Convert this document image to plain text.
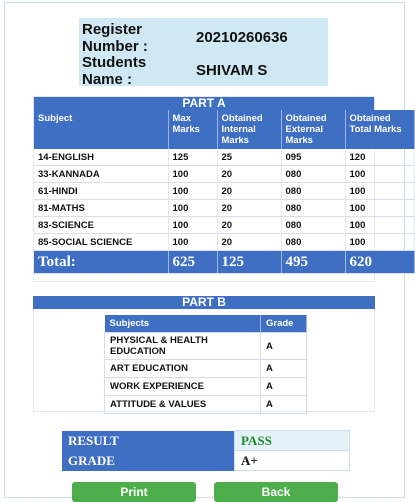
Register Number :
20210260636
Students Name :
SHIVAM S
PART A
Subject	Max Marks	Obtained Internal Marks	Obtained External Marks	Obtained Total Marks
14-ENGLISH	125	25	095	120
33-KANNADA	100	20	080	100
61-HINDI	100	20	080	100
81-MATHS	100	20	080	100
83-SCIENCE	100	20	080	100
85-SOCIAL SCIENCE	100	20	080	100
Total:	625	125	495	620
PART B
Subjects	Grade
PHYSICAL & HEALTH EDUCATION	A
ART EDUCATION	A
WORK EXPERIENCE	A
ATTITUDE & VALUES	A
RESULT	PASS
GRADE	A+
Print	Back
